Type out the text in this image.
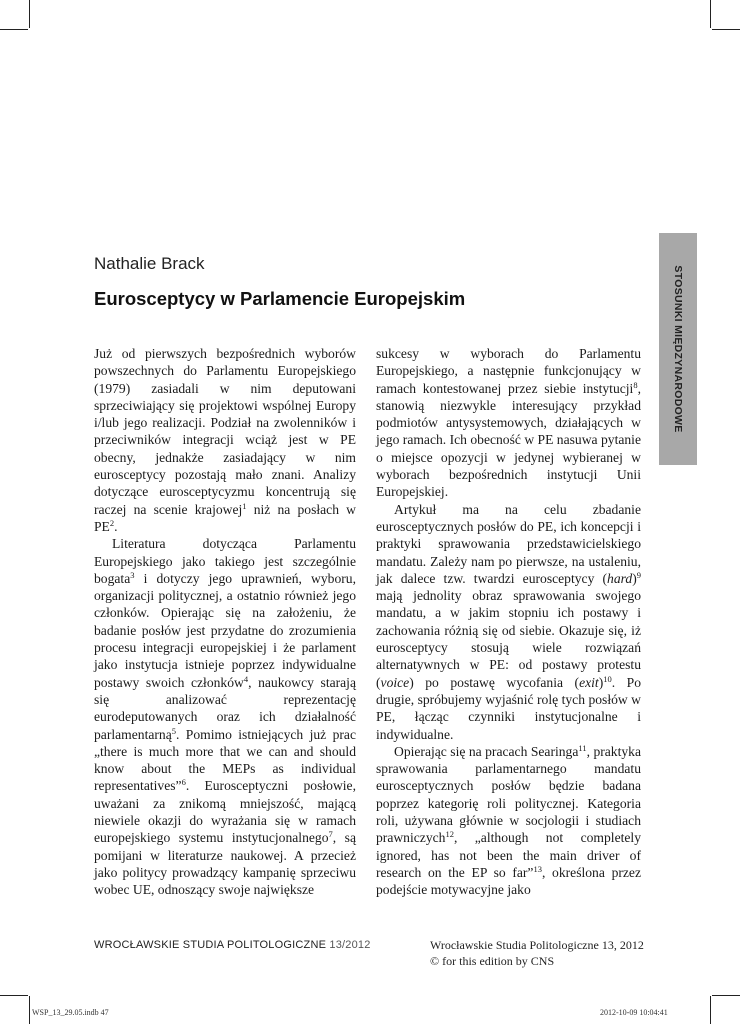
STOSUNKI MIĘDZYNARODOWE
Nathalie Brack
Eurosceptycy w Parlamencie Europejskim

Już od pierwszych bezpośrednich wyborów powszechnych do Parlamentu Europejskiego (1979) zasiadali w nim deputowani sprzeciwiający się projektowi wspólnej Europy i/lub jego realizacji. Podział na zwolenników i przeciwników integracji wciąż jest w PE obecny, jednakże zasiadający w nim eurosceptycy pozostają mało znani. Analizy dotyczące eurosceptycyzmu koncentrują się raczej na scenie krajowej$^1$ niż na posłach w $PE^2$.

Literatura dotycząca Parlamentu Europejskiego jako takiego jest szczególnie bogata$^3$ i dotyczy jego uprawnień, wyboru, organizacji politycznej, a ostatnio również jego członków. Opierając się na założeniu, że badanie posłów jest przydatne do zrozumienia procesu integracji europejskiej i że parlament jako instytucja istnieje poprzez indywidualne postawy swoich członków$^4$, naukowcy starają się analizować reprezentację eurodeputowanych oraz ich działalność parlamentarną$^5$. Pomimo istniejących już prac „there is much more that we can and should know about the MEPs as individual representatives”$^6$. Eurosceptyczni posłowie, uważani za znikomą mniejszość, mającą niewiele okazji do wyrażania się w ramach europejskiego systemu instytucjonalnego$^7$, są pomijani w literaturze naukowej. A przecież jako politycy prowadzący kampanię sprzeciwu wobec UE, odnoszący swoje największe

sukcesy w wyborach do Parlamentu Europejskiego, a następnie funkcjonujący w ramach kontestowanej przez siebie instytucji$^8$, stanowią niezwykle interesujący przykład podmiotów antysystemowych, działających w jego ramach. Ich obecność w PE nasuwa pytanie o miejsce opozycji w jedynej wybieranej w wyborach bezpośrednich instytucji Unii Europejskiej.

Artykuł ma na celu zbadanie eurosceptycznych posłów do PE, ich koncepcji i praktyki sprawowania przedstawicielskiego mandatu. Zależy nam po pierwsze, na ustaleniu, jak dalece tzw. twardzi eurosceptycy (hard)$^9$ mają jednolity obraz sprawowania swojego mandatu, a w jakim stopniu ich postawy i zachowania różnią się od siebie. Okazuje się, iż eurosceptycy stosują wiele rozwiązań alternatywnych w PE: od postawy protestu (voice) po postawę wycofania (exit)$^{10}$. Po drugie, spróbujemy wyjaśnić rolę tych posłów w PE, łącząc czynniki instytucjonalne i indywidualne.

Opierając się na pracach Searinga$^{11}$, praktyka sprawowania parlamentarnego mandatu eurosceptycznych posłów będzie badana poprzez kategorię roli politycznej. Kategoria roli, używana głównie w socjologii i studiach prawniczych$^{12}$, „although not completely ignored, has not been the main driver of research on the EP so far”$^{13}$, określona przez podejście motywacyjne jako

WROCŁAWSKIE STUDIA POLITOLOGICZNE 13/2012	Wrocławskie Studia Politologiczne 13, 2012
© for this edition by CNS
WSP_13_29.05.indb 47	2012-10-09 10:04:41
